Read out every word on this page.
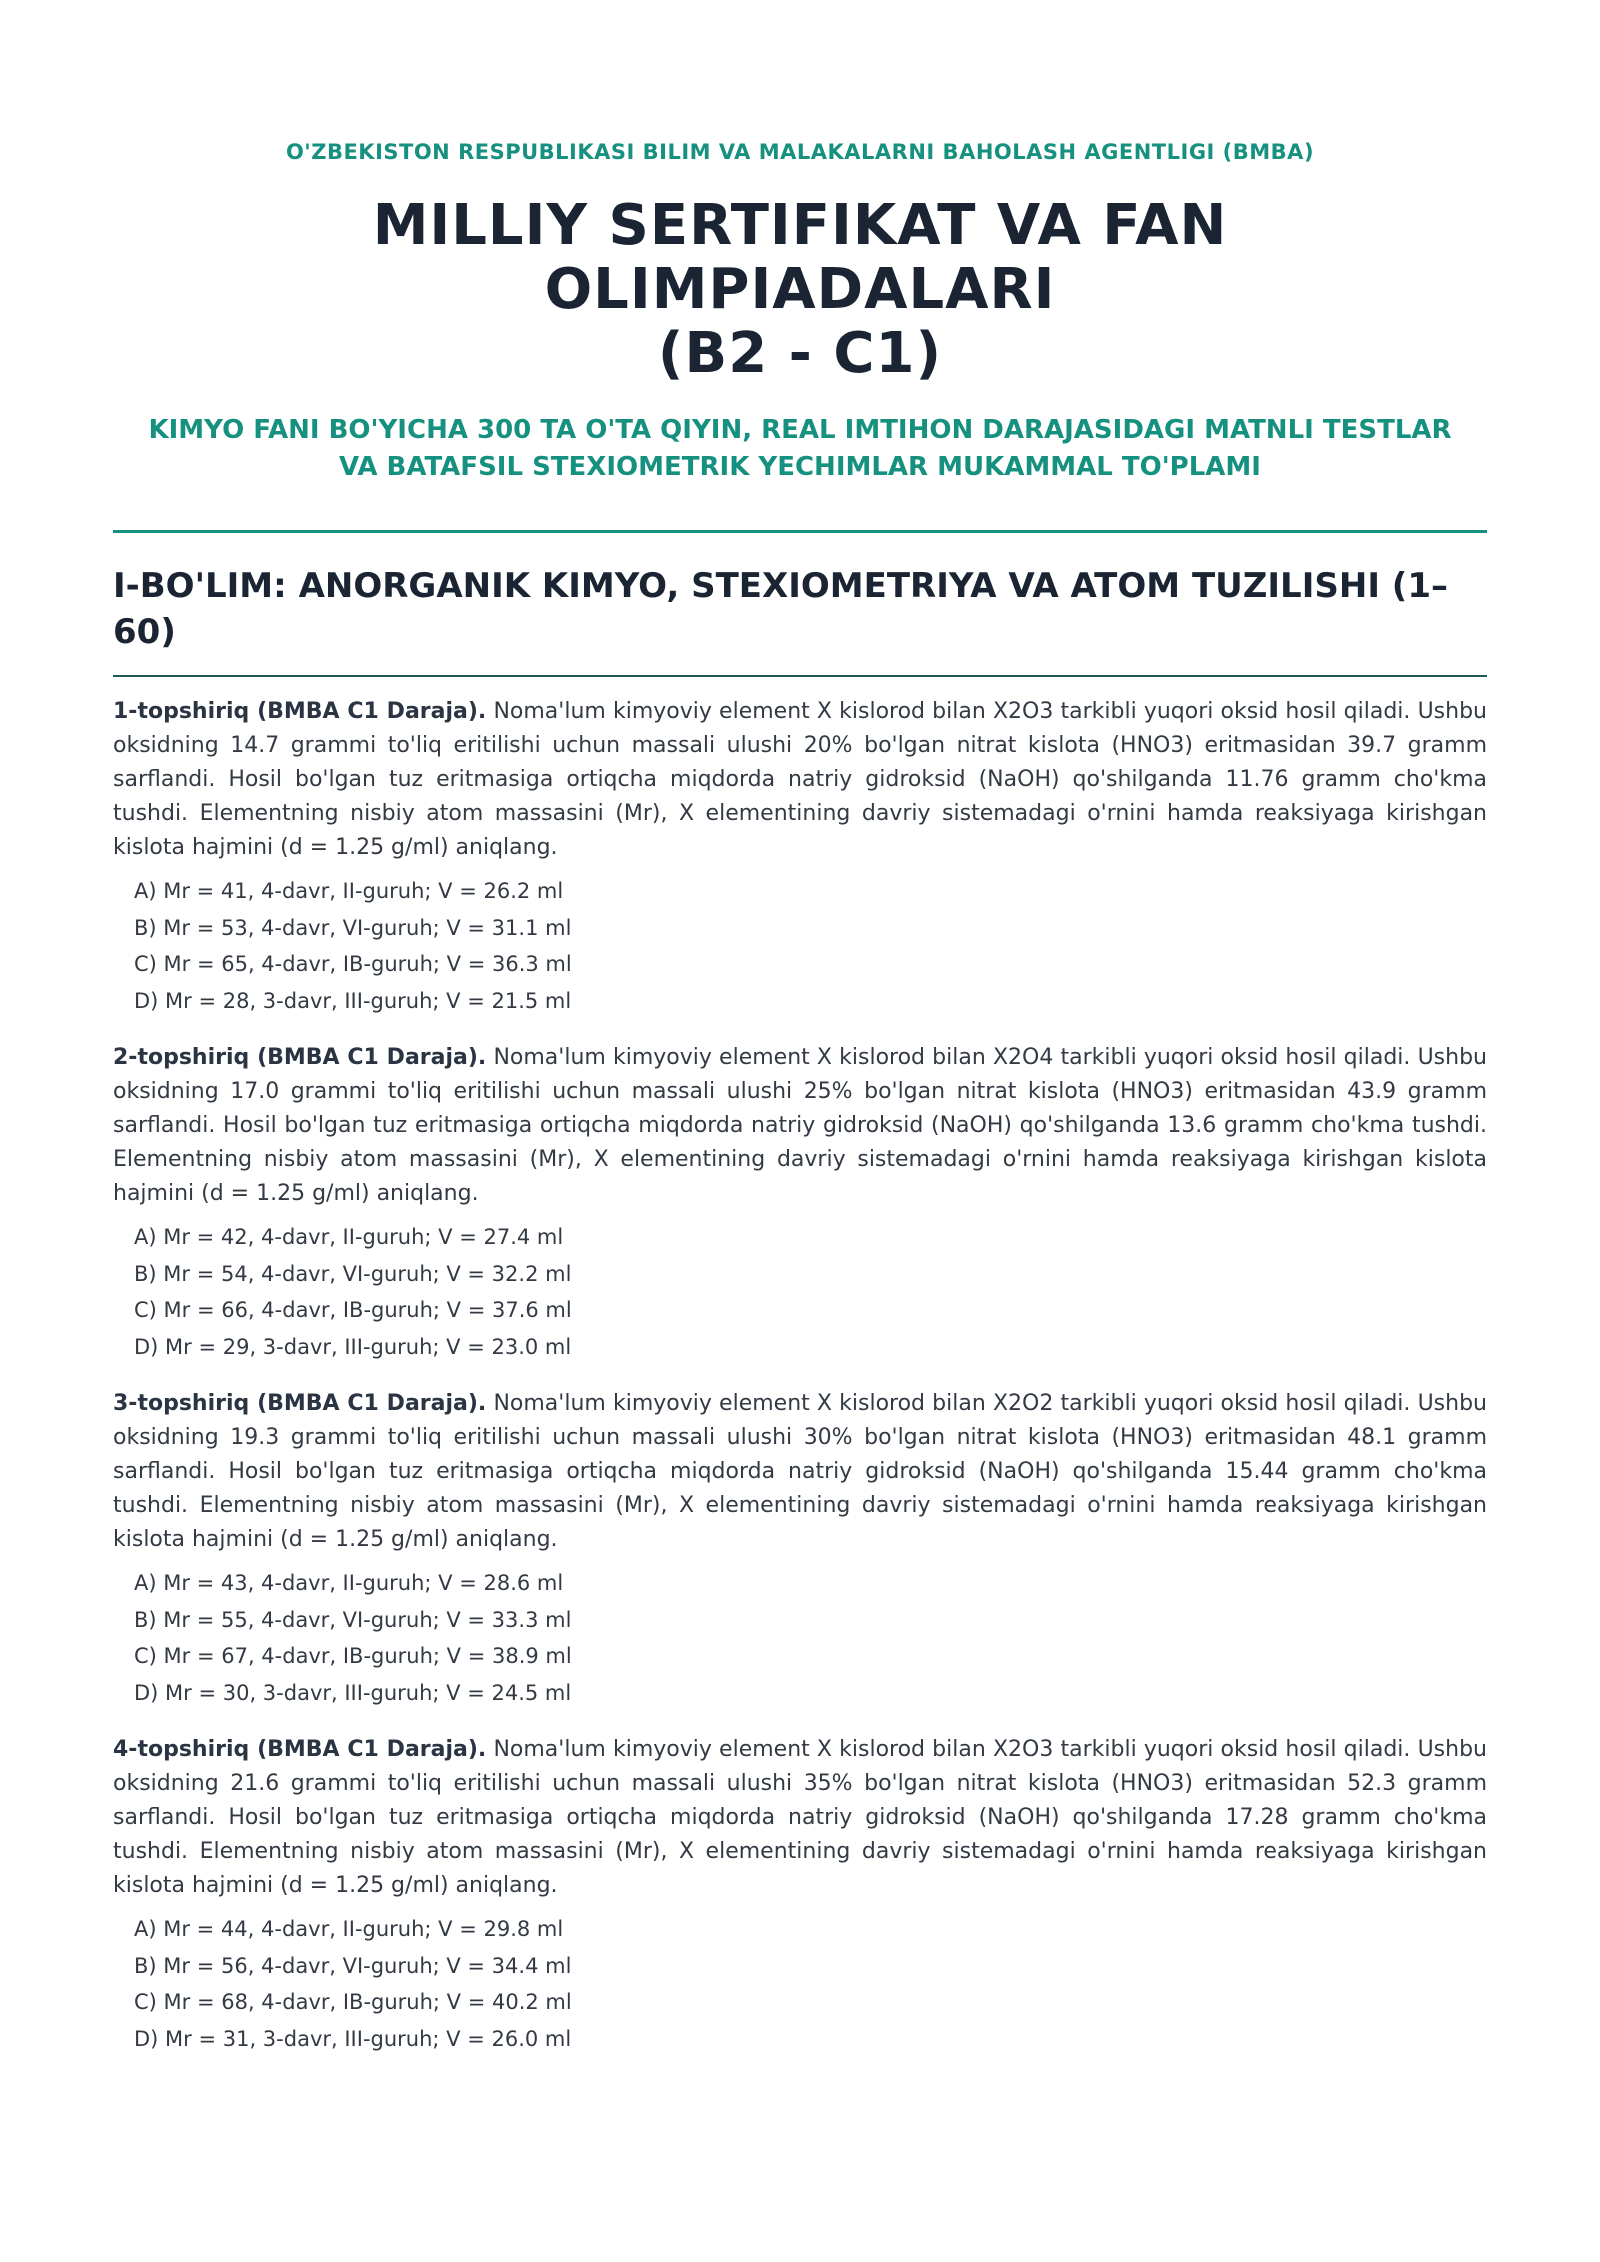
O'ZBEKISTON RESPUBLIKASI BILIM VA MALAKALARNI BAHOLASH AGENTLIGI (BMBA)

MILLIY SERTIFIKAT VA FAN OLIMPIADALARI
(B2 - C1)

KIMYO FANI BO'YICHA 300 TA O'TA QIYIN, REAL IMTIHON DARAJASIDAGI MATNLI TESTLAR
VA BATAFSIL STEXIOMETRIK YECHIMLAR MUKAMMAL TO'PLAMI

I-BO'LIM: ANORGANIK KIMYO, STEXIOMETRIYA VA ATOM TUZILISHI (1–60)

1-topshiriq (BMBA C1 Daraja). Noma'lum kimyoviy element X kislorod bilan X2O3 tarkibli yuqori oksid hosil qiladi. Ushbu oksidning 14.7 grammi to'liq eritilishi uchun massali ulushi 20% bo'lgan nitrat kislota (HNO3) eritmasidan 39.7 gramm sarflandi. Hosil bo'lgan tuz eritmasiga ortiqcha miqdorda natriy gidroksid (NaOH) qo'shilganda 11.76 gramm cho'kma tushdi. Elementning nisbiy atom massasini (Mr), X elementining davriy sistemadagi o'rnini hamda reaksiyaga kirishgan kislota hajmini (d = 1.25 g/ml) aniqlang.

A) Mr = 41, 4-davr, II-guruh; V = 26.2 ml
B) Mr = 53, 4-davr, VI-guruh; V = 31.1 ml
C) Mr = 65, 4-davr, IB-guruh; V = 36.3 ml
D) Mr = 28, 3-davr, III-guruh; V = 21.5 ml

2-topshiriq (BMBA C1 Daraja). Noma'lum kimyoviy element X kislorod bilan X2O4 tarkibli yuqori oksid hosil qiladi. Ushbu oksidning 17.0 grammi to'liq eritilishi uchun massali ulushi 25% bo'lgan nitrat kislota (HNO3) eritmasidan 43.9 gramm sarflandi. Hosil bo'lgan tuz eritmasiga ortiqcha miqdorda natriy gidroksid (NaOH) qo'shilganda 13.6 gramm cho'kma tushdi. Elementning nisbiy atom massasini (Mr), X elementining davriy sistemadagi o'rnini hamda reaksiyaga kirishgan kislota hajmini (d = 1.25 g/ml) aniqlang.

A) Mr = 42, 4-davr, II-guruh; V = 27.4 ml
B) Mr = 54, 4-davr, VI-guruh; V = 32.2 ml
C) Mr = 66, 4-davr, IB-guruh; V = 37.6 ml
D) Mr = 29, 3-davr, III-guruh; V = 23.0 ml

3-topshiriq (BMBA C1 Daraja). Noma'lum kimyoviy element X kislorod bilan X2O2 tarkibli yuqori oksid hosil qiladi. Ushbu oksidning 19.3 grammi to'liq eritilishi uchun massali ulushi 30% bo'lgan nitrat kislota (HNO3) eritmasidan 48.1 gramm sarflandi. Hosil bo'lgan tuz eritmasiga ortiqcha miqdorda natriy gidroksid (NaOH) qo'shilganda 15.44 gramm cho'kma tushdi. Elementning nisbiy atom massasini (Mr), X elementining davriy sistemadagi o'rnini hamda reaksiyaga kirishgan kislota hajmini (d = 1.25 g/ml) aniqlang.

A) Mr = 43, 4-davr, II-guruh; V = 28.6 ml
B) Mr = 55, 4-davr, VI-guruh; V = 33.3 ml
C) Mr = 67, 4-davr, IB-guruh; V = 38.9 ml
D) Mr = 30, 3-davr, III-guruh; V = 24.5 ml

4-topshiriq (BMBA C1 Daraja). Noma'lum kimyoviy element X kislorod bilan X2O3 tarkibli yuqori oksid hosil qiladi. Ushbu oksidning 21.6 grammi to'liq eritilishi uchun massali ulushi 35% bo'lgan nitrat kislota (HNO3) eritmasidan 52.3 gramm sarflandi. Hosil bo'lgan tuz eritmasiga ortiqcha miqdorda natriy gidroksid (NaOH) qo'shilganda 17.28 gramm cho'kma tushdi. Elementning nisbiy atom massasini (Mr), X elementining davriy sistemadagi o'rnini hamda reaksiyaga kirishgan kislota hajmini (d = 1.25 g/ml) aniqlang.

A) Mr = 44, 4-davr, II-guruh; V = 29.8 ml
B) Mr = 56, 4-davr, VI-guruh; V = 34.4 ml
C) Mr = 68, 4-davr, IB-guruh; V = 40.2 ml
D) Mr = 31, 3-davr, III-guruh; V = 26.0 ml
